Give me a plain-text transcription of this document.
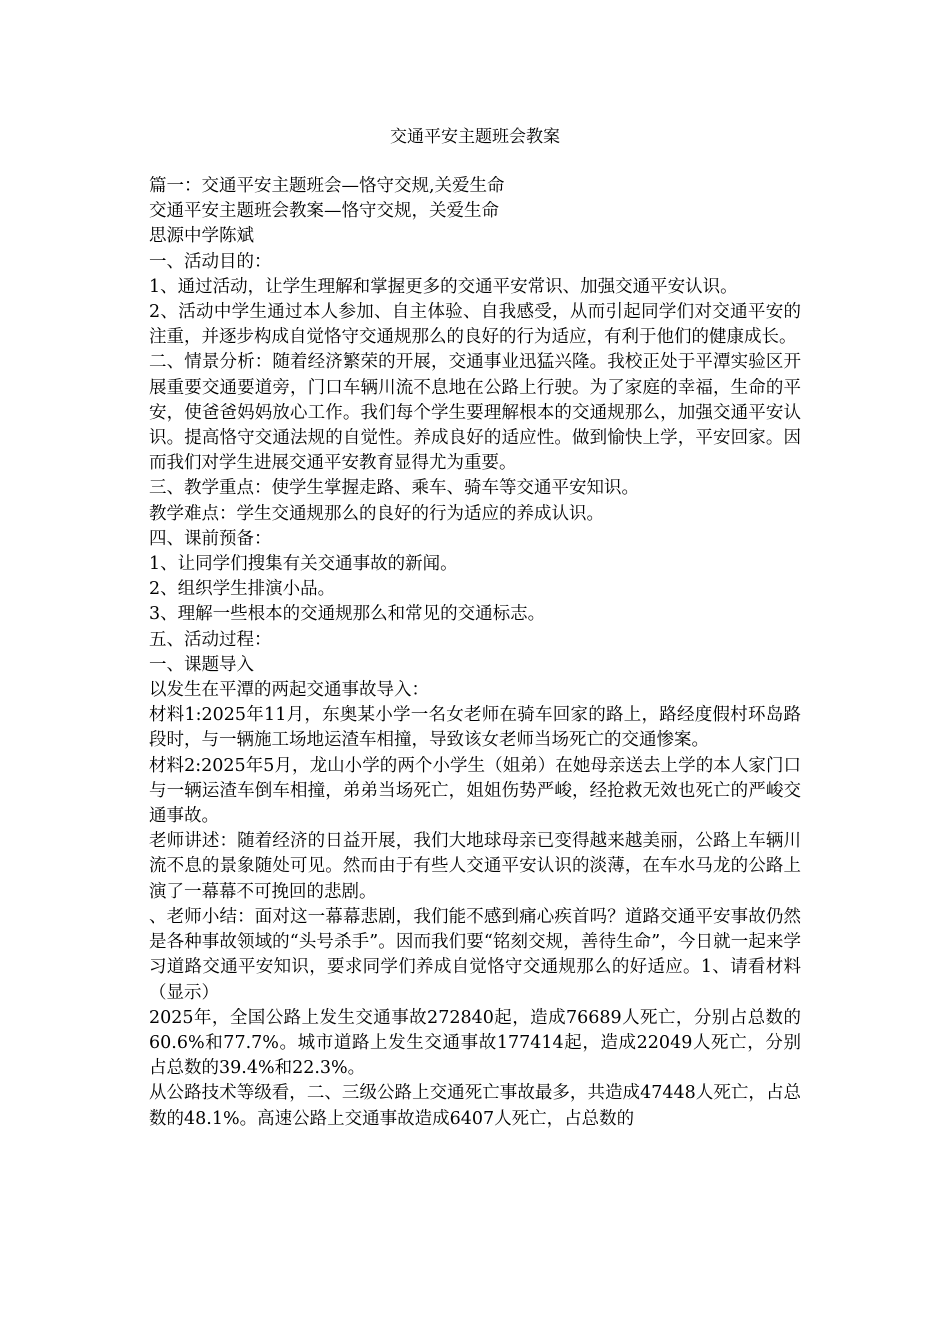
交通平安主题班会教案

篇一：交通平安主题班会—恪守交规,关爱生命

交通平安主题班会教案—恪守交规，关爱生命

思源中学陈斌

一、活动目的：

1、通过活动，让学生理解和掌握更多的交通平安常识、加强交通平安认识。

2、活动中学生通过本人参加、自主体验、自我感受，从而引起同学们对交通平安的注重，并逐步构成自觉恪守交通规那么的良好的行为适应，有利于他们的健康成长。

二、情景分析：随着经济繁荣的开展，交通事业迅猛兴隆。我校正处于平潭实验区开展重要交通要道旁，门口车辆川流不息地在公路上行驶。为了家庭的幸福，生命的平安，使爸爸妈妈放心工作。我们每个学生要理解根本的交通规那么，加强交通平安认识。提高恪守交通法规的自觉性。养成良好的适应性。做到愉快上学，平安回家。因而我们对学生进展交通平安教育显得尤为重要。

三、教学重点：使学生掌握走路、乘车、骑车等交通平安知识。

教学难点：学生交通规那么的良好的行为适应的养成认识。

四、课前预备：

1、让同学们搜集有关交通事故的新闻。

2、组织学生排演小品。

3、理解一些根本的交通规那么和常见的交通标志。

五、活动过程：

一、课题导入

以发生在平潭的两起交通事故导入：

材料1:2025年11月，东奥某小学一名女老师在骑车回家的路上，路经度假村环岛路段时，与一辆施工场地运渣车相撞，导致该女老师当场死亡的交通惨案。

材料2:2025年5月，龙山小学的两个小学生（姐弟）在她母亲送去上学的本人家门口与一辆运渣车倒车相撞，弟弟当场死亡，姐姐伤势严峻，经抢救无效也死亡的严峻交通事故。

老师讲述：随着经济的日益开展，我们大地球母亲已变得越来越美丽，公路上车辆川流不息的景象随处可见。然而由于有些人交通平安认识的淡薄，在车水马龙的公路上演了一幕幕不可挽回的悲剧。

、老师小结：面对这一幕幕悲剧，我们能不感到痛心疾首吗？道路交通平安事故仍然是各种事故领域的“头号杀手”。因而我们要“铭刻交规，善待生命”，今日就一起来学习道路交通平安知识，要求同学们养成自觉恪守交通规那么的好适应。1、请看材料（显示）

2025年，全国公路上发生交通事故272840起，造成76689人死亡，分别占总数的60.6%和77.7%。城市道路上发生交通事故177414起，造成22049人死亡，分别占总数的39.4%和22.3%。

从公路技术等级看，二、三级公路上交通死亡事故最多，共造成47448人死亡，占总数的48.1%。高速公路上交通事故造成6407人死亡，占总数的
